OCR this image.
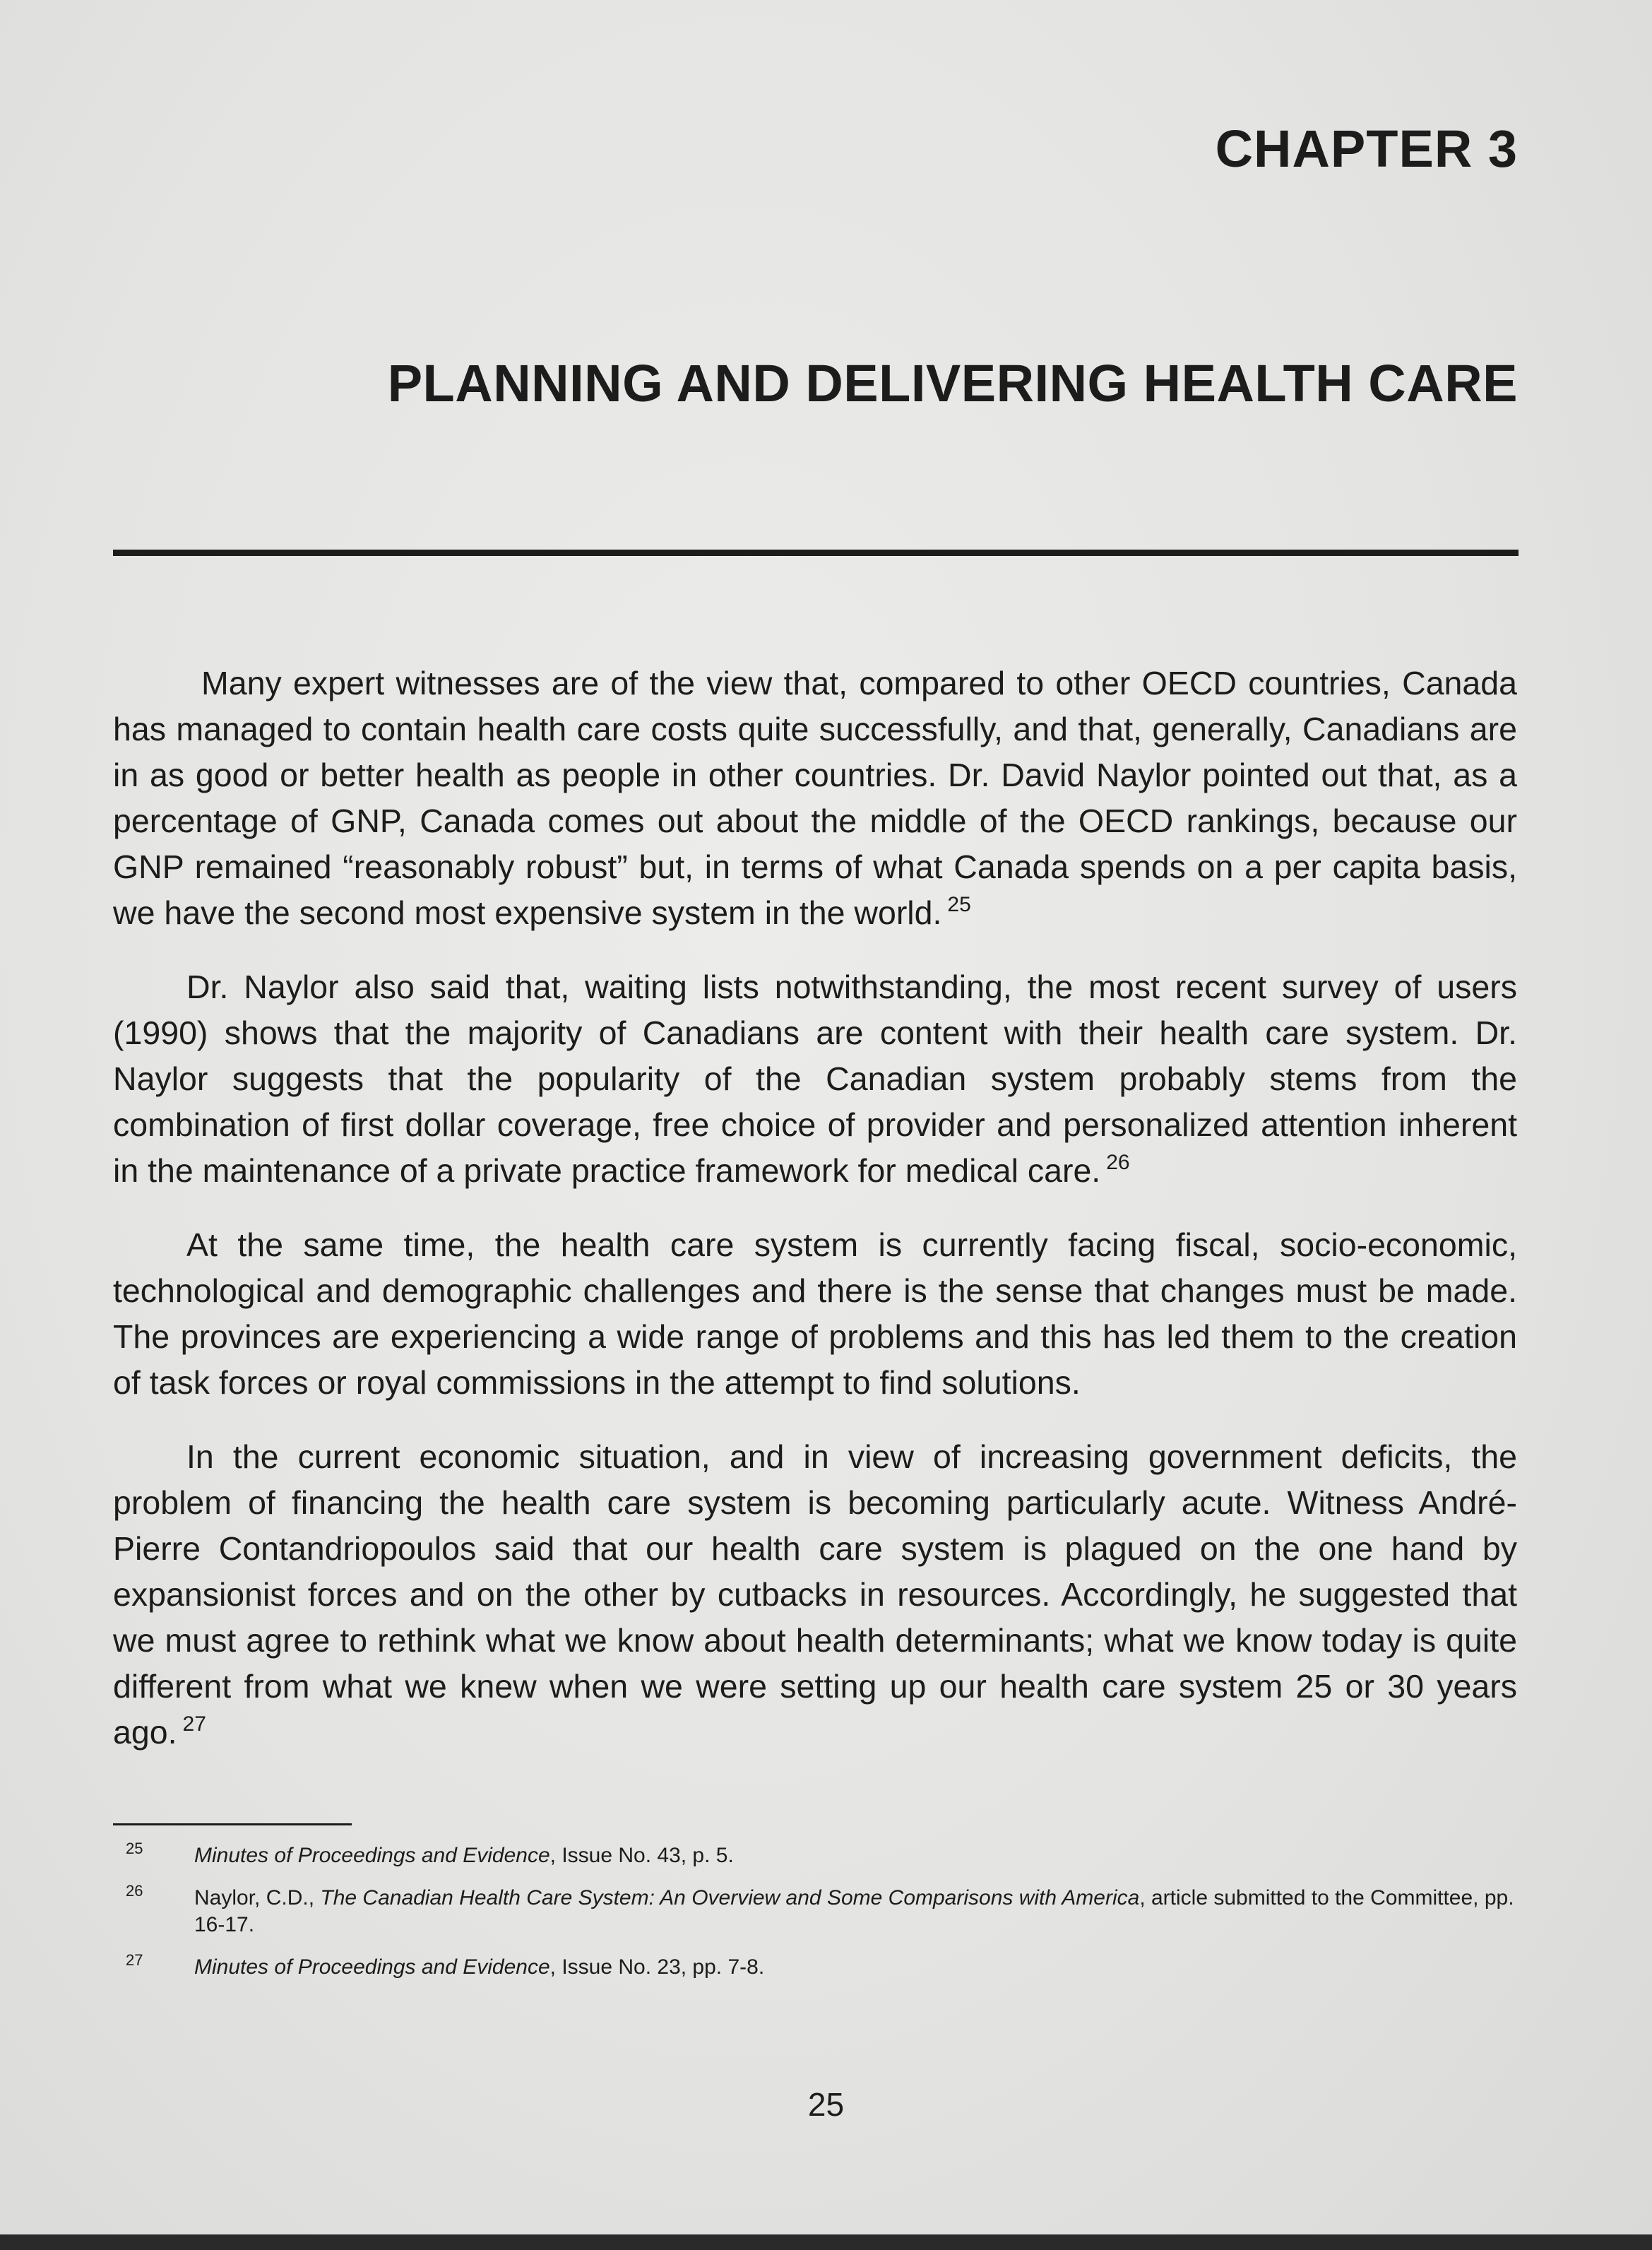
CHAPTER 3
PLANNING AND DELIVERING HEALTH CARE

Many expert witnesses are of the view that, compared to other OECD countries, Canada has managed to contain health care costs quite successfully, and that, generally, Canadians are in as good or better health as people in other countries. Dr. David Naylor pointed out that, as a percentage of GNP, Canada comes out about the middle of the OECD rankings, because our GNP remained “reasonably robust” but, in terms of what Canada spends on a per capita basis, we have the second most expensive system in the world. $^{25}$

Dr. Naylor also said that, waiting lists notwithstanding, the most recent survey of users (1990) shows that the majority of Canadians are content with their health care system. Dr. Naylor suggests that the popularity of the Canadian system probably stems from the combination of first dollar coverage, free choice of provider and personalized attention inherent in the maintenance of a private practice framework for medical care. $^{26}$

At the same time, the health care system is currently facing fiscal, socio-economic, technological and demographic challenges and there is the sense that changes must be made. The provinces are experiencing a wide range of problems and this has led them to the creation of task forces or royal commissions in the attempt to find solutions.

In the current economic situation, and in view of increasing government deficits, the problem of financing the health care system is becoming particularly acute. Witness André-Pierre Contandriopoulos said that our health care system is plagued on the one hand by expansionist forces and on the other by cutbacks in resources. Accordingly, he suggested that we must agree to rethink what we know about health determinants; what we know today is quite different from what we knew when we were setting up our health care system 25 or 30 years ago. $^{27}$

25 Minutes of Proceedings and Evidence, Issue No. 43, p. 5.
26 Naylor, C.D., The Canadian Health Care System: An Overview and Some Comparisons with America, article submitted to the Committee, pp. 16-17.
27 Minutes of Proceedings and Evidence, Issue No. 23, pp. 7-8.
25
